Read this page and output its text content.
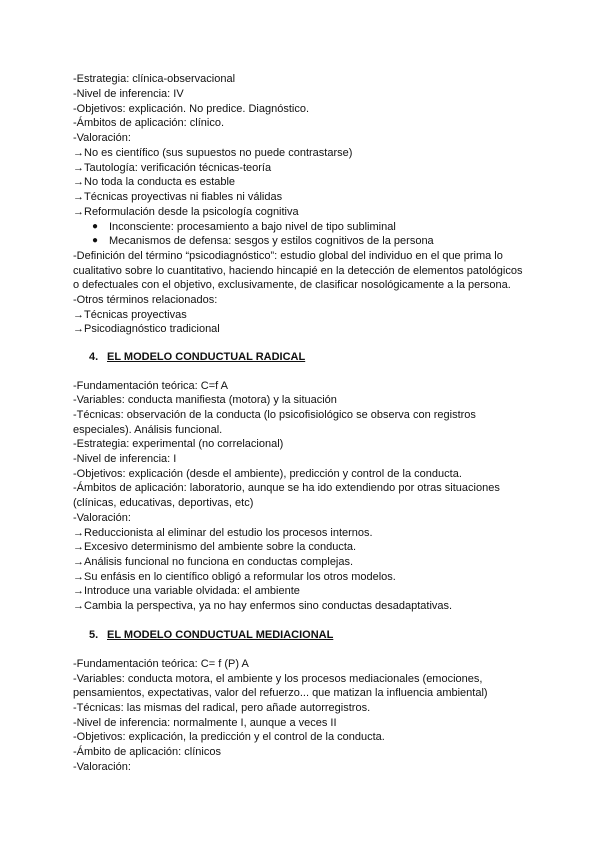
-Estrategia: clínica-observacional
-Nivel de inferencia: IV
-Objetivos: explicación. No predice. Diagnóstico.
-Ámbitos de aplicación: clínico.
-Valoración:
→No es científico (sus supuestos no puede contrastarse)
→Tautología: verificación técnicas-teoría
→No toda la conducta es estable
→Técnicas proyectivas ni fiables ni válidas
→Reformulación desde la psicología cognitiva
● Inconsciente: procesamiento a bajo nivel de tipo subliminal
● Mecanismos de defensa: sesgos y estilos cognitivos de la persona
-Definición del término “psicodiagnóstico”: estudio global del individuo en el que prima lo
cualitativo sobre lo cuantitativo, haciendo hincapié en la detección de elementos patológicos
o defectuales con el objetivo, exclusivamente, de clasificar nosológicamente a la persona.
-Otros términos relacionados:
→Técnicas proyectivas
→Psicodiagnóstico tradicional
4. EL MODELO CONDUCTUAL RADICAL
-Fundamentación teórica: C=f A
-Variables: conducta manifiesta (motora) y la situación
-Técnicas: observación de la conducta (lo psicofisiológico se observa con registros
especiales). Análisis funcional.
-Estrategia: experimental (no correlacional)
-Nivel de inferencia: I
-Objetivos: explicación (desde el ambiente), predicción y control de la conducta.
-Ámbitos de aplicación: laboratorio, aunque se ha ido extendiendo por otras situaciones
(clínicas, educativas, deportivas, etc)
-Valoración:
→Reduccionista al eliminar del estudio los procesos internos.
→Excesivo determinismo del ambiente sobre la conducta.
→Análisis funcional no funciona en conductas complejas.
→Su enfásis en lo científico obligó a reformular los otros modelos.
→Introduce una variable olvidada: el ambiente
→Cambia la perspectiva, ya no hay enfermos sino conductas desadaptativas.
5. EL MODELO CONDUCTUAL MEDIACIONAL
-Fundamentación teórica: C= f (P) A
-Variables: conducta motora, el ambiente y los procesos mediacionales (emociones,
pensamientos, expectativas, valor del refuerzo... que matizan la influencia ambiental)
-Técnicas: las mismas del radical, pero añade autorregistros.
-Nivel de inferencia: normalmente I, aunque a veces II
-Objetivos: explicación, la predicción y el control de la conducta.
-Ámbito de aplicación: clínicos
-Valoración:
